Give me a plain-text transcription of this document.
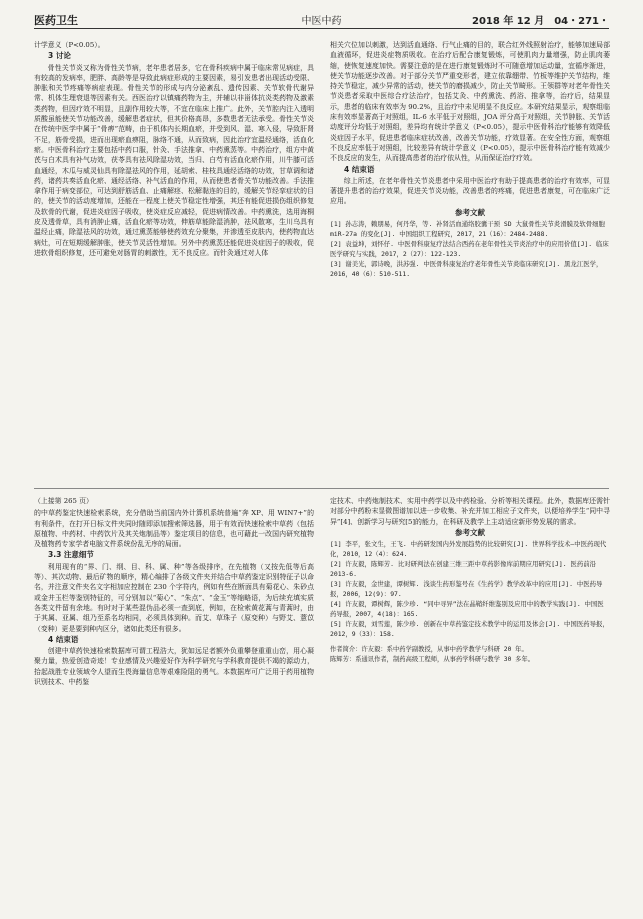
医药卫生	中医中药	2018 年 12 月　04・271・

计学意义（P<0.05）。

3 讨论

骨性关节炎又称为骨性关节病，老年患者居多，它在骨科疾病中属于临床常见病症，具有较高的发病率，肥胖、高龄等是导致此病症形成的主要因素，易引发患者出现活动受限、肿胀和关节疼痛等病症表现。骨性关节的形成与内分泌紊乱、遗传因素、关节软骨代谢异常、机体生理衰退等因素有关。西医治疗以镇痛药物为主，并辅以非甾体抗炎类药物及激素类药物，但因疗效不明显，且副作用较大等，不宜在临床上推广。此外，关节腔内注入透明质酸虽能使关节功能改善，缓解患者症状，但其价格高昂，多数患者无法承受。骨性关节炎在传统中医学中属于“骨痹”范畴，由于机体内长期血瘀，并受到风、湿、寒入侵，导致肝肾不足，筋骨受损，进而出现瘀血痹阻，脉络不通，从而致病，因此治疗宜温经通络，活血化瘀。中医骨科治疗主要包括中药口服，针灸、手法推拿、中药熏蒸等。中药治疗，组方中黄芪与白术具有补气功效，茯苓具有祛风除湿功效，当归、白芍有活血化瘀作用，川牛膝可活血通经，木瓜与威灵仙具有除湿祛风的作用，延胡索、桂枝具通经活络的功效，甘草调和诸药，诸药共奏活血化瘀、通经活络、补气活血的作用，从而使患者骨关节功能改善。手法推拿作用于病变部位，可达到舒筋活血、止痛解痉、松解黏连的目的，缓解关节经挛症状的目的，使关节的活动度增加，还能在一程度上使关节稳定性增强，其还有能促进损伤组织修复及软骨的代谢，促进炎症因子吸收，使炎症反应减轻，促进病情改善。中药熏洗，选用海桐皮及透骨草，具有消肿止痛，活血化瘀等功效，伸筋草能除湿消肿，祛风散寒，生川乌具有温经止痛，除湿祛风的功效，通过熏蒸能够使药效充分聚集，并渗透至皮肤内，使药物直达病灶，可在短期缓解肿胀，使关节灵活性增加。另外中药熏蒸还能促进炎症因子的吸收，促进软骨组织修复，还可避免对肠胃的刺激性，无不良反应。而针灸通过对人体

相关穴位加以刺激，达到活血通络、行气止痛的目的，联合红外线照射治疗，能够加速局部血液循环，促进炎症物质吸收。在治疗后配合康复锻炼，可使肌肉力量增强，防止肌肉萎缩，使恢复速度加快。需要注意的是在进行康复锻炼时不可随意增加运动量，宜循序渐进，使关节功能逐步改善。对于部分关节严重变形者，建立依靠绷带、竹板等维护关节结构，维持关节稳定，减少异常的活动，使关节的磨损减少，防止关节畸形。王领群等对老年骨性关节炎患者采取中医综合疗法治疗，包括艾灸、中药熏洗、药浴、推拿等，治疗后，结果显示，患者的临床有效率为 90.2%，且治疗中未见明显不良反应。本研究结果显示，观察组临床有效率显著高于对照组，IL-6 水平低于对照组，JOA 评分高于对照组，关节肿胀、关节活动度评分均低于对照组，差异均有统计学意义（P<0.05），提示中医骨科治疗能够有效降低炎症因子水平，促进患者临床症状改善，改善关节功能，疗效显著。在安全性方面，观察组不良反应率低于对照组，比较差异有统计学意义（P<0.05），提示中医骨科治疗能有效减少不良反应的发生，从而提高患者的治疗依从性，从而保证治疗疗效。

4 结束语

综上所述，在老年骨性关节炎患者中采用中医治疗有助于提高患者的治疗有效率，可显著提升患者的治疗效果，促进关节炎功能，改善患者的疼痛，促进患者康复，可在临床广泛应用。

参考文献
[1] 孙志涛，赖朋易，何丹华，等. 补肾活血通络胶囊干预 SD 大鼠骨性关节炎滑膜及软骨细胞 miR-27a 的变化[J]. 中国组织工程研究，2017，21（16）：2484-2488.
[2] 袁益坤，刘怀仔. 中医骨科康复疗法结合西药在老年骨性关节炎治疗中的应用价值[J]. 临床医学研究与实践，2017，2（27）：122-123.
[3] 谢美光，郭诗晚，洪苏强. 中医骨科康复治疗老年骨性关节炎临床研究[J]. 黑龙江医学，2016，40（6）：510-511.
（上接第 265 页）

的中草药鉴定快速检索系统，充分借助当前国内外计算机系统普遍“奔 XP、用 WIN7+”的有利条件，在打开日标文件夹同时随即添加搜索筛选器，用于有效而快速检索中草药（包括原植物、中药材、中药饮片及其关炮制品等）鉴定项目的信息，也可藉此一改国内研究植物及植物药专家学者电脑文件系统份乱无序的局面。

3.3 注意细节

利用现有的“界、门、纲、目、科、属、种”等各级排序，在先植物（又按先低等后高等）、其次动物、最后矿物的顺序，精心编排了各级文件夹并结合中草药鉴定识别特征子以命名，并注意文件夹名文字相加应控制在 230 个字符内，例如有些在断面具有菊花心、朱砂点或金井玉栏等鉴别特征的，可分别加以“菊心”、“朱点”、“金玉”等缩略语，为后续充填实质各类文件留有余地。有时对于某些混伪品必须一查到底，例如，在检索黄花蒿与青蒿时，由于其属、亚属、组乃至系名均相同，必须具体到种。而艾、草珠子（原变种）与野艾、薏苡（变种）更是要到种内区分，诸如此类还有很多。

4 结束语

创建中草药快速检索数据库可谓工程浩大，犹如远足者额外负重攀登重重山峦，用心凝聚力量，热爱创造奇迹！专业感情及兴趣爱好作为科学研究与学科教育提供不竭的源动力，拾起战胜专业领域令人望而生畏海量信息等艰难险阻的勇气。本数据库可广泛用于药用植物识别技术、中药鉴

定技术、中药炮制技术、实用中药学以及中药检验、分析等相关课程。此外，数据库还需针对部分中药粉末显微图谱加以进一步收集、补充并加工相应子文件夹，以便培养学生“同中寻异”[4]、创新学习与研究[5]的能力，在科研及教学上主动适应新形势发展的需求。

参考文献
[1] 李平，张文生，王飞. 中药研发国内外发展趋势的比较研究[J]. 世界科学技术—中医药现代化，2010，12（4）：624.
[2] 许友毅，陈辉芳. 比对研判法在创建三维三距中草药影像库前期应用研究[J]. 医药前沿 2013-6.
[3] 许友毅，金世建，谭树辉. 浅谈生药形鉴号在《生药学》教学改革中的应用[J]. 中医药导报，2006，12(9)：97.
[4] 许友毅，谭树辉，陈少珍. “同中寻异”法在晶鞘纤维鉴别及应用中的教学实践[J]. 中国医药导报，2007，4(18)：165.
[5] 许友毅，刘雪莲，陈少珍. 创新在中草药鉴定技术教学中的运用及体会[J]. 中国医药导报，2012，9（33）：158.
作者简介：许友毅：系中药学副教授，从事中药学教学与科研 20 年。
陈辉芳：系通讯作者，制药高级工程师，从事药学科研与教学 30 多年。
